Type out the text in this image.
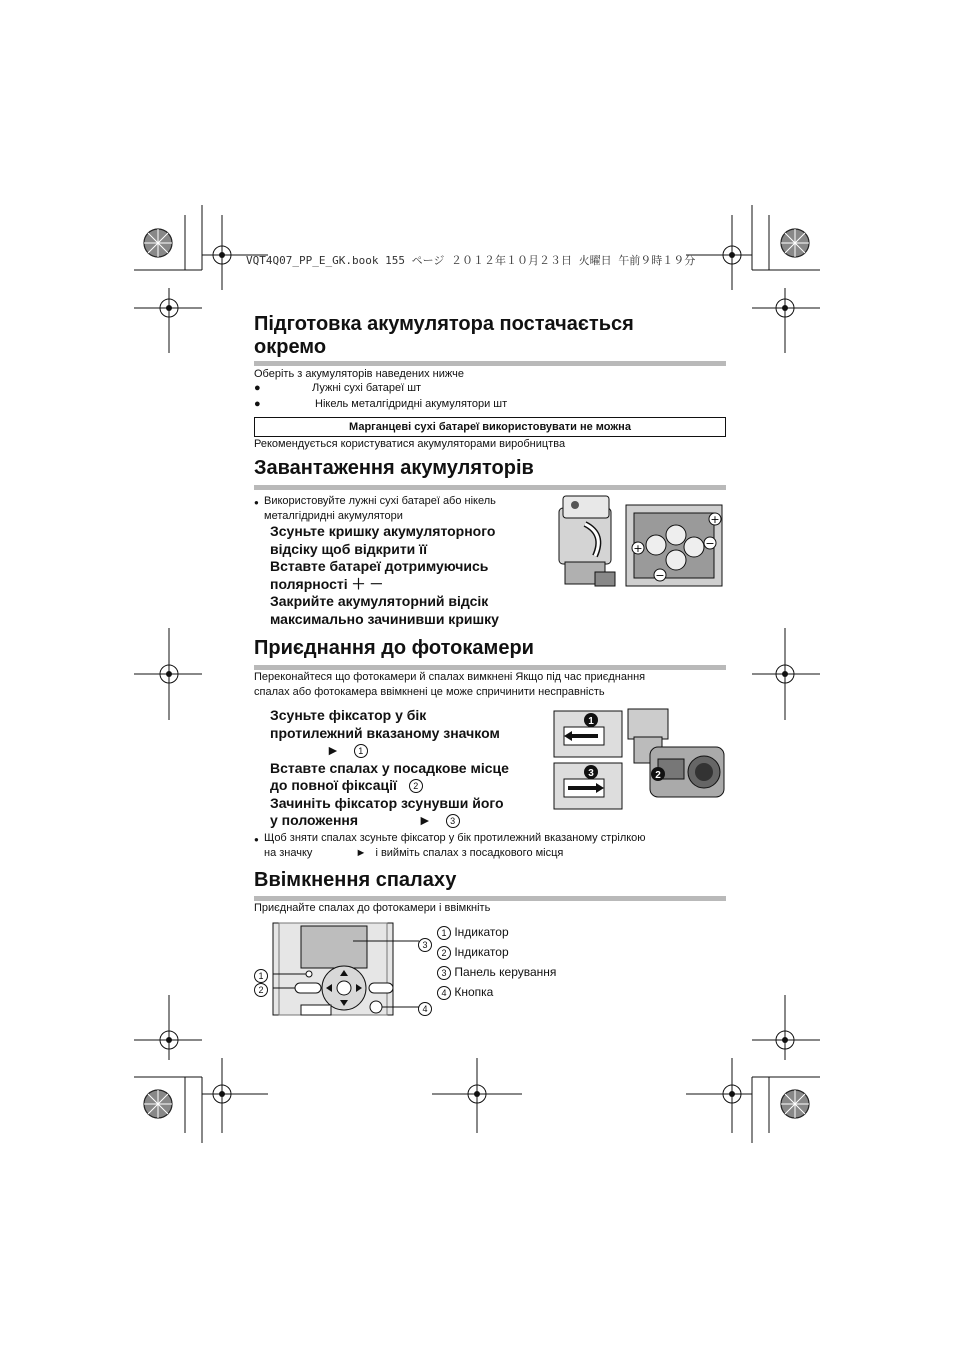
VQT4Q07_PP_E_GK.book 155 ページ ２０１２年１０月２３日 火曜日 午前９時１９分
Підготовка акумулятора постачається
окремо
Оберіть з акумуляторів наведених нижче
●	Лужні сухі батареї шт
●	Нікель металгідридні акумулятори шт
Марганцеві сухі батареї використовувати не можна
Рекомендується користуватися акумуляторами виробництва
Завантаження акумуляторів
● Використовуйте лужні сухі батареї або нікель
металгідридні акумулятори
Зсуньте кришку акумуляторного
відсіку щоб відкрити її
Вставте батареї дотримуючись
полярності ＋ －
Закрийте акумуляторний відсік
максимально зачинивши кришку
+
+
−
−
Приєднання до фотокамери
Переконайтеся що фотокамери й спалах вимкнені Якщо під час приєднання
спалах або фотокамера ввімкнені це може спричинити несправність
Зсуньте фіксатор у бік
протилежний вказаному значком
► 1
Вставте спалах у посадкове місце
до повної фіксації 2
Зачиніть фіксатор зсунувши його
у положення	► 3
1
3	2
● Щоб зняти спалах зсуньте фіксатор у бік протилежний вказаному стрілкою
на значку	► і вийміть спалах з посадкового місця
Ввімкнення спалаху
Приєднайте спалах до фотокамери і ввімкніть
3
1
2
4
1 Індикатор
2 Індикатор
3 Панель керування
4 Кнопка
